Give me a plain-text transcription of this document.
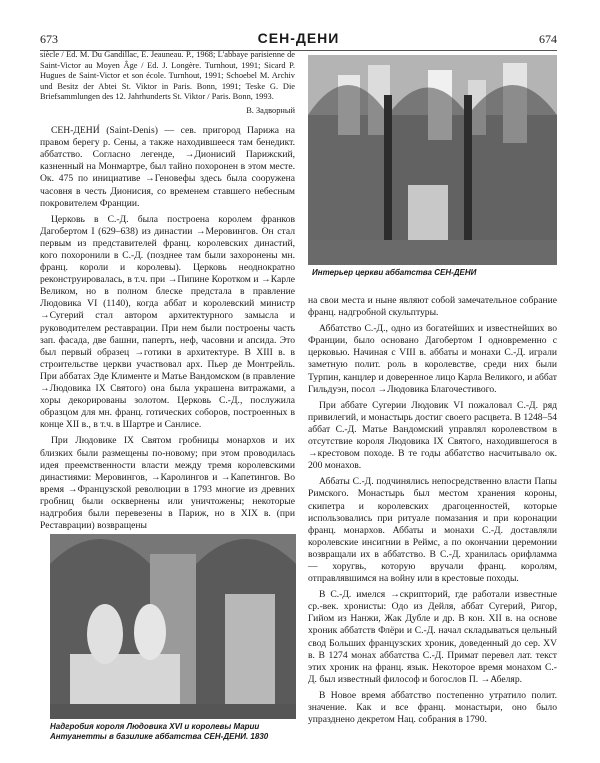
673	СЕН-ДЕНИ	674

siècle / Ed. M. Du Gandillac, E. Jeauneau. P., 1968; L'abbaye parisienne de Saint-Victor au Moyen Âge / Ed. J. Longère. Turnhout, 1991; Sicard P. Hugues de Saint-Victor et son école. Turnhout, 1991; Schoebel M. Archiv und Besitz der Abtei St. Viktor in Paris. Bonn, 1991; Teske G. Die Briefsammlungen des 12. Jahrhunderts St. Viktor / Paris. Bonn, 1993.

В. Задворный

СЕН-ДЕНИ́ (Saint-Denis) — сев. пригород Парижа на правом берегу р. Сены, а также находившееся там бенедикт. аббатство. Согласно легенде, →Дионисий Парижский, казненный на Монмартре, был тайно похоронен в этом месте. Ок. 475 по инициативе →Геновефы здесь была сооружена часовня в честь Дионисия, со временем ставшего небесным покровителем Франции.

Церковь в С.-Д. была построена королем франков Дагобертом I (629–638) из династии →Меровингов. Он стал первым из представителей франц. королевских династий, кого похоронили в С.-Д. (позднее там были захоронены мн. франц. короли и королевы). Церковь неоднократно реконструировалась, в т.ч. при →Пипине Коротком и →Карле Великом, но в полном блеске предстала в правление Людовика VI (1140), когда аббат и королевский министр →Сугерий стал автором архитектурного замысла и руководителем реставрации. При нем были построены часть зап. фасада, две башни, паперть, неф, часовни и апсида. Это был первый образец →готики в архитектуре. В XIII в. в строительстве церкви участвовал арх. Пьер де Монтрейль. При аббатах Эде Клименте и Матье Вандомском (в правление →Людовика IX Святого) она была украшена витражами, а хоры декорированы золотом. Церковь С.-Д., послужила образцом для мн. франц. готических соборов, построенных в конце XII в., в т.ч. в Шартре и Санлисе.

При Людовике IX Святом гробницы монархов и их близких были размещены по-новому; при этом проводилась идея преемственности власти между тремя королевскими династиями: Меровингов, →Каролингов и →Капетингов. Во время →Французской революции в 1793 многие из древних гробниц были осквернены или уничтожены; некоторые надгробия были перевезены в Париж, но в XIX в. (при Реставрации) возвращены

Интерьер церкви аббатства СЕН-ДЕНИ

на свои места и ныне являют собой замечательное собрание франц. надгробной скульптуры.

Аббатство С.-Д., одно из богатейших и известнейших во Франции, было основано Дагобертом I одновременно с церковью. Начиная с VIII в. аббаты и монахи С.-Д. играли заметную полит. роль в королевстве, среди них были Турпин, канцлер и доверенное лицо Карла Великого, и аббат Гильдуэн, посол →Людовика Благочестивого.

При аббате Сугерии Людовик VI пожаловал С.-Д. ряд привилегий, и монастырь достиг своего расцвета. В 1248–54 аббат С.-Д. Матье Вандомский управлял королевством в отсутствие короля Людовика IX Святого, находившегося в →крестовом походе. В те годы аббатство насчитывало ок. 200 монахов.

Аббаты С.-Д. подчинялись непосредственно власти Папы Римского. Монастырь был местом хранения короны, скипетра и королевских драгоценностей, которые использовались при ритуале помазания и при коронации франц. монархов. Аббаты и монахи С.-Д. доставляли королевские инсигнии в Реймс, а по окончании церемонии возвращали их в аббатство. В С.-Д. хранилась орифламма — хоругвь, которую вручали франц. королям, отправлявшимся на войну или в крестовые походы.

В С.-Д. имелся →скрипторий, где работали известные ср.-век. хронисты: Одо из Дейля, аббат Сугерий, Ригор, Гийом из Нанжи, Жак Дубле и др. В кон. XII в. на основе хроник аббатств Флёри и С.-Д. начал складываться цельный свод Больших французских хроник, доведенный до сер. XV в. В 1274 монах аббатства С.-Д. Примат перевел лат. текст этих хроник на франц. язык. Некоторое время монахом С.-Д. был известный философ и богослов П. →Абеляр.

В Новое время аббатство постепенно утратило полит. значение. Как и все франц. монастыри, оно было упразднено декретом Нац. собрания в 1790.

Надгробия короля Людовика XVI и королевы Марии Антуанетты в базилике аббатства СЕН-ДЕНИ. 1830
